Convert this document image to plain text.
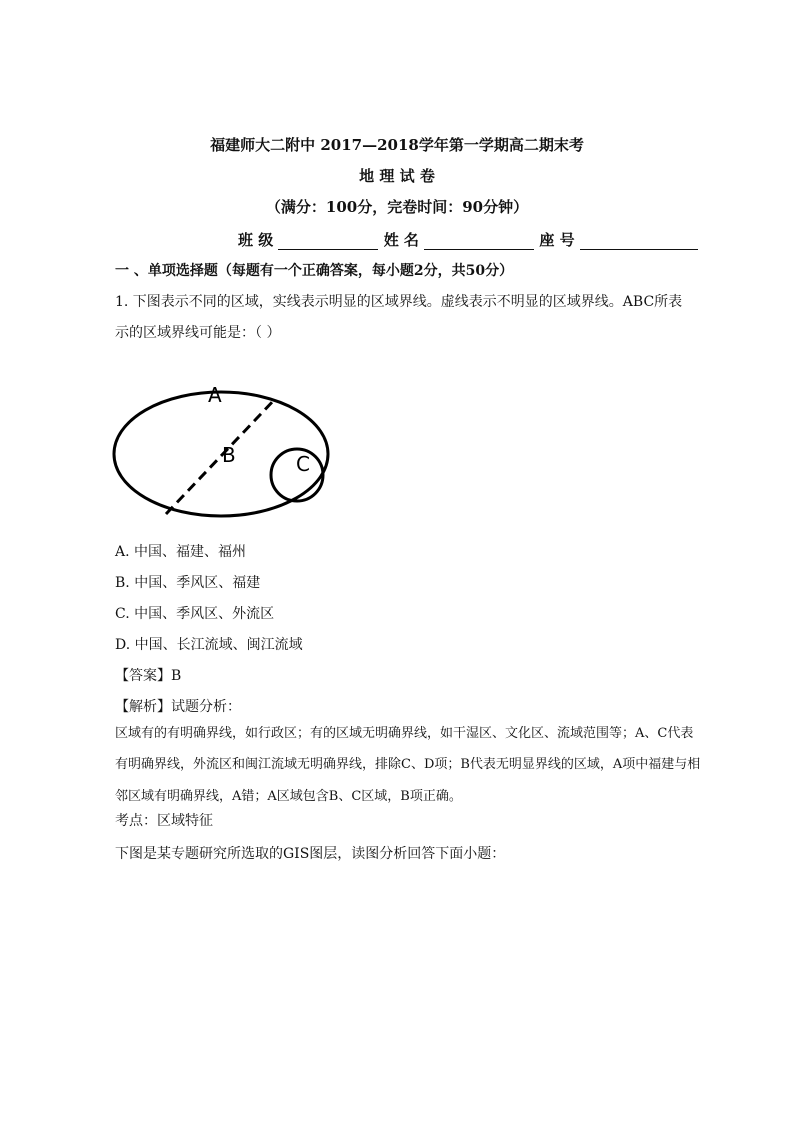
福建师大二附中 2017—2018学年第一学期高二期末考
地 理 试 卷
（满分：100分，完卷时间：90分钟）
班 级	姓 名	座 号
一 、单项选择题（每题有一个正确答案，每小题2分，共50分）
1. 下图表示不同的区域，实线表示明显的区域界线。虚线表示不明显的区域界线。ABC所表
示的区域界线可能是：（ ）
A
B	C
A. 中国、福建、福州
B. 中国、季风区、福建
C. 中国、季风区、外流区
D. 中国、长江流域、闽江流域
【答案】B
【解析】试题分析：
区域有的有明确界线，如行政区；有的区域无明确界线，如干湿区、文化区、流域范围等；A、C代表
有明确界线，外流区和闽江流域无明确界线，排除C、D项；B代表无明显界线的区域，A项中福建与相
邻区域有明确界线，A错；A区域包含B、C区域，B项正确。
考点：区域特征
下图是某专题研究所选取的GIS图层，读图分析回答下面小题：
